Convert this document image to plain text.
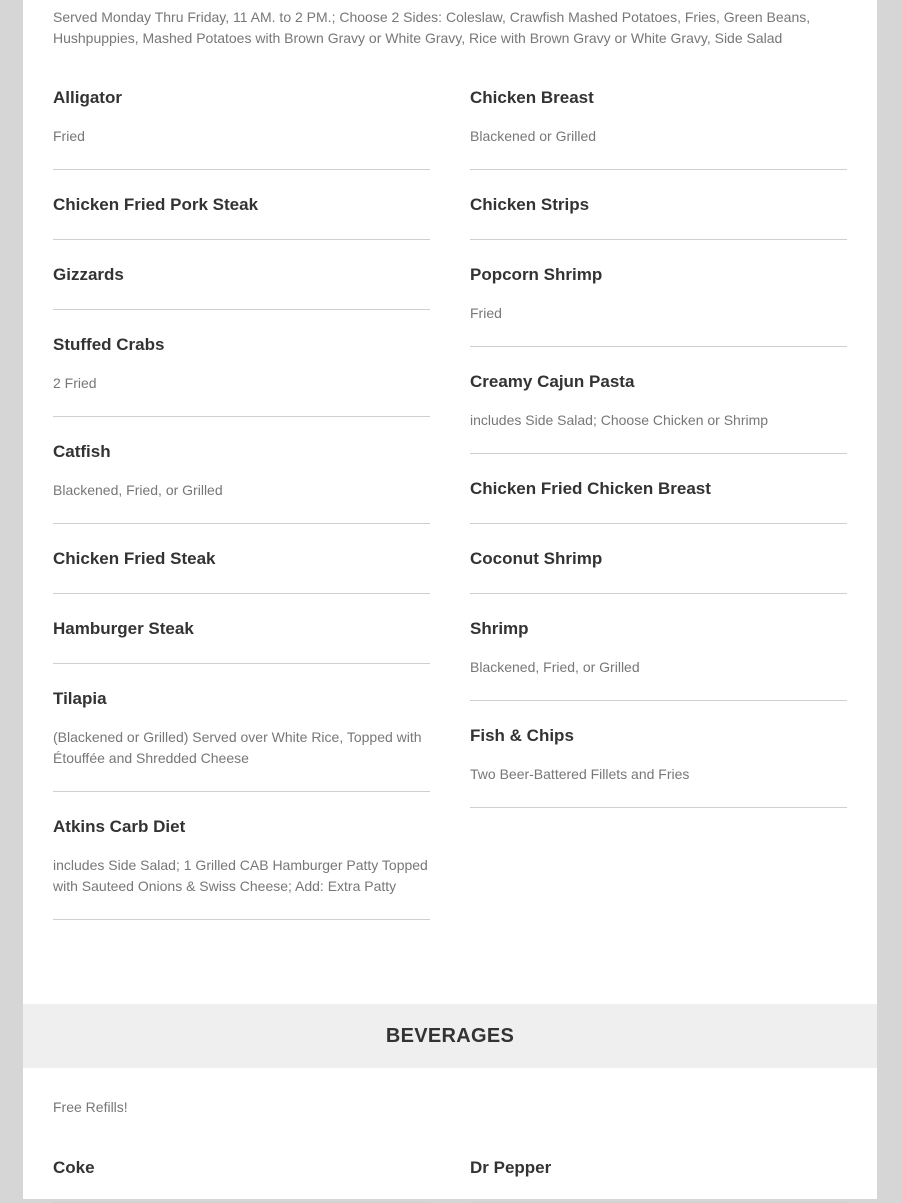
Served Monday Thru Friday, 11 AM. to 2 PM.; Choose 2 Sides: Coleslaw, Crawfish Mashed Potatoes, Fries, Green Beans, Hushpuppies, Mashed Potatoes with Brown Gravy or White Gravy, Rice with Brown Gravy or White Gravy, Side Salad

Alligator

Fried

Chicken Fried Pork Steak
Gizzards
Stuffed Crabs

2 Fried

Catfish

Blackened, Fried, or Grilled

Chicken Fried Steak
Hamburger Steak
Tilapia

(Blackened or Grilled) Served over White Rice, Topped with Étouffée and Shredded Cheese

Atkins Carb Diet

includes Side Salad; 1 Grilled CAB Hamburger Patty Topped with Sauteed Onions & Swiss Cheese; Add: Extra Patty

Chicken Breast

Blackened or Grilled

Chicken Strips
Popcorn Shrimp

Fried

Creamy Cajun Pasta

includes Side Salad; Choose Chicken or Shrimp

Chicken Fried Chicken Breast
Coconut Shrimp
Shrimp

Blackened, Fried, or Grilled

Fish & Chips

Two Beer-Battered Fillets and Fries

BEVERAGES

Free Refills!

Coke	Dr Pepper
